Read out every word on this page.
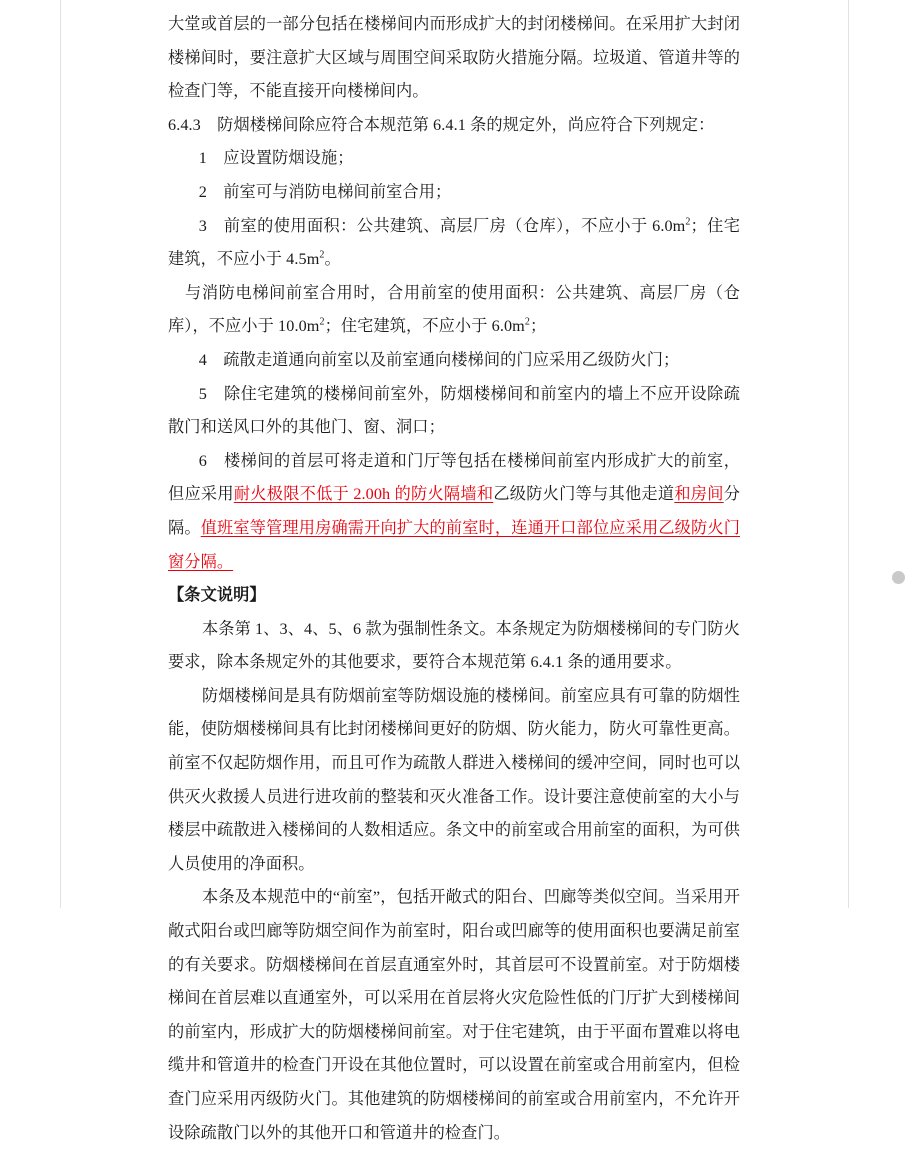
大堂或首层的一部分包括在楼梯间内而形成扩大的封闭楼梯间。在采用扩大封闭楼梯间时，要注意扩大区域与周围空间采取防火措施分隔。垃圾道、管道井等的检查门等，不能直接开向楼梯间内。

6.4.3　防烟楼梯间除应符合本规范第 6.4.1 条的规定外，尚应符合下列规定：

1　应设置防烟设施；

2　前室可与消防电梯间前室合用；

3　前室的使用面积：公共建筑、高层厂房（仓库），不应小于 $6.0m^2$；住宅建筑，不应小于 $4.5m^2$。

与消防电梯间前室合用时，合用前室的使用面积：公共建筑、高层厂房（仓库），不应小于 $10.0m^2$；住宅建筑，不应小于 $6.0m^2$；

4　疏散走道通向前室以及前室通向楼梯间的门应采用乙级防火门；

5　除住宅建筑的楼梯间前室外，防烟楼梯间和前室内的墙上不应开设除疏散门和送风口外的其他门、窗、洞口；

6　楼梯间的首层可将走道和门厅等包括在楼梯间前室内形成扩大的前室，但应采用耐火极限不低于 2.00h 的防火隔墙和乙级防火门等与其他走道和房间分隔。值班室等管理用房确需开向扩大的前室时，连通开口部位应采用乙级防火门窗分隔。

【条文说明】

本条第 1、3、4、5、6 款为强制性条文。本条规定为防烟楼梯间的专门防火要求，除本条规定外的其他要求，要符合本规范第 6.4.1 条的通用要求。

防烟楼梯间是具有防烟前室等防烟设施的楼梯间。前室应具有可靠的防烟性能，使防烟楼梯间具有比封闭楼梯间更好的防烟、防火能力，防火可靠性更高。前室不仅起防烟作用，而且可作为疏散人群进入楼梯间的缓冲空间，同时也可以供灭火救援人员进行进攻前的整装和灭火准备工作。设计要注意使前室的大小与楼层中疏散进入楼梯间的人数相适应。条文中的前室或合用前室的面积，为可供人员使用的净面积。

本条及本规范中的“前室”，包括开敞式的阳台、凹廊等类似空间。当采用开敞式阳台或凹廊等防烟空间作为前室时，阳台或凹廊等的使用面积也要满足前室的有关要求。防烟楼梯间在首层直通室外时，其首层可不设置前室。对于防烟楼梯间在首层难以直通室外，可以采用在首层将火灾危险性低的门厅扩大到楼梯间的前室内，形成扩大的防烟楼梯间前室。对于住宅建筑，由于平面布置难以将电缆井和管道井的检查门开设在其他位置时，可以设置在前室或合用前室内，但检查门应采用丙级防火门。其他建筑的防烟楼梯间的前室或合用前室内，不允许开设除疏散门以外的其他开口和管道井的检查门。
